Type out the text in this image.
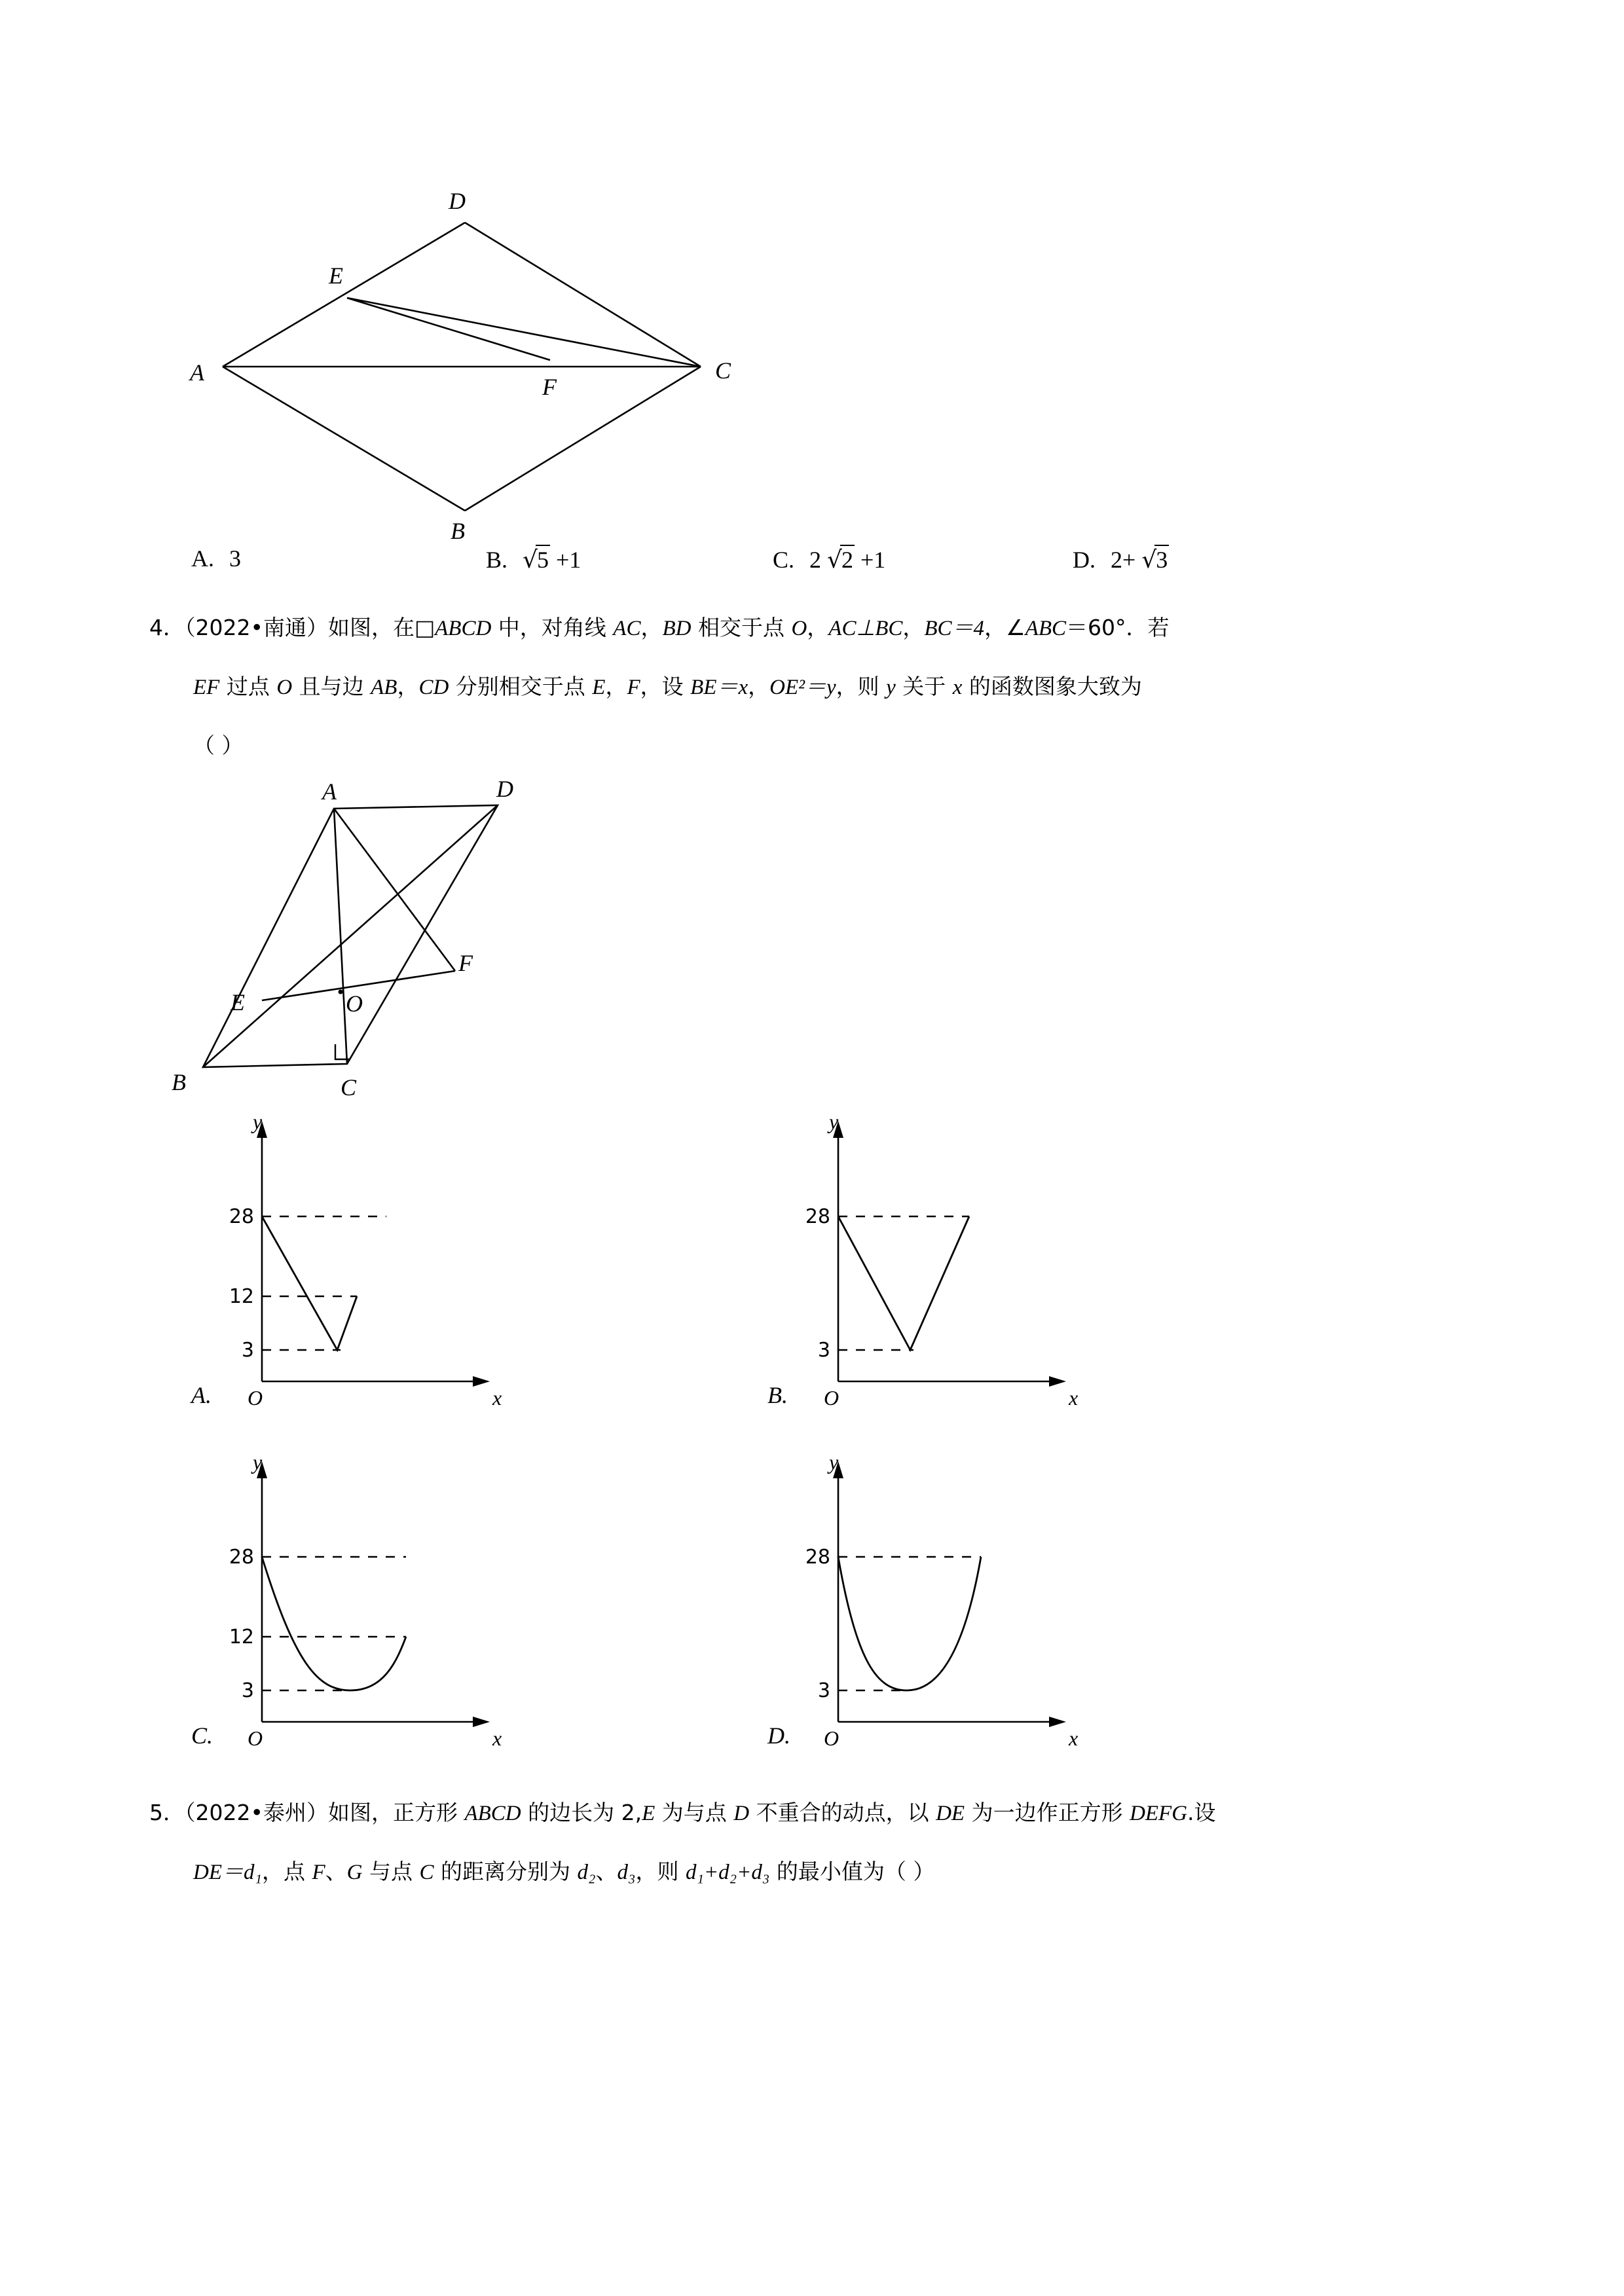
D
E
A
F
C
B
A. 3	B. √5 +1	C. 2 √2 +1	D. 2+ √3
4．（2022•南通）如图，在□ABCD 中，对角线 AC，BD 相交于点 O，AC⊥BC，BC＝4，∠ABC＝60°．若
EF 过点 O 且与边 AB，CD 分别相交于点 E，F，设 BE＝x，OE²＝y，则 y 关于 x 的函数图象大致为
（ ）
A	D
F
E	O
B	C
28
12
3
O
y
x
A.
28
3
O
y
x
B.
28
12
3
O
y
x
C.
28
3
O
y
x
D.
5．（2022•泰州）如图，正方形 ABCD 的边长为 2,E 为与点 D 不重合的动点，以 DE 为一边作正方形 DEFG.设
DE＝d₁，点 F、G 与点 C 的距离分别为 d₂、d₃，则 d₁+d₂+d₃ 的最小值为（ ）
